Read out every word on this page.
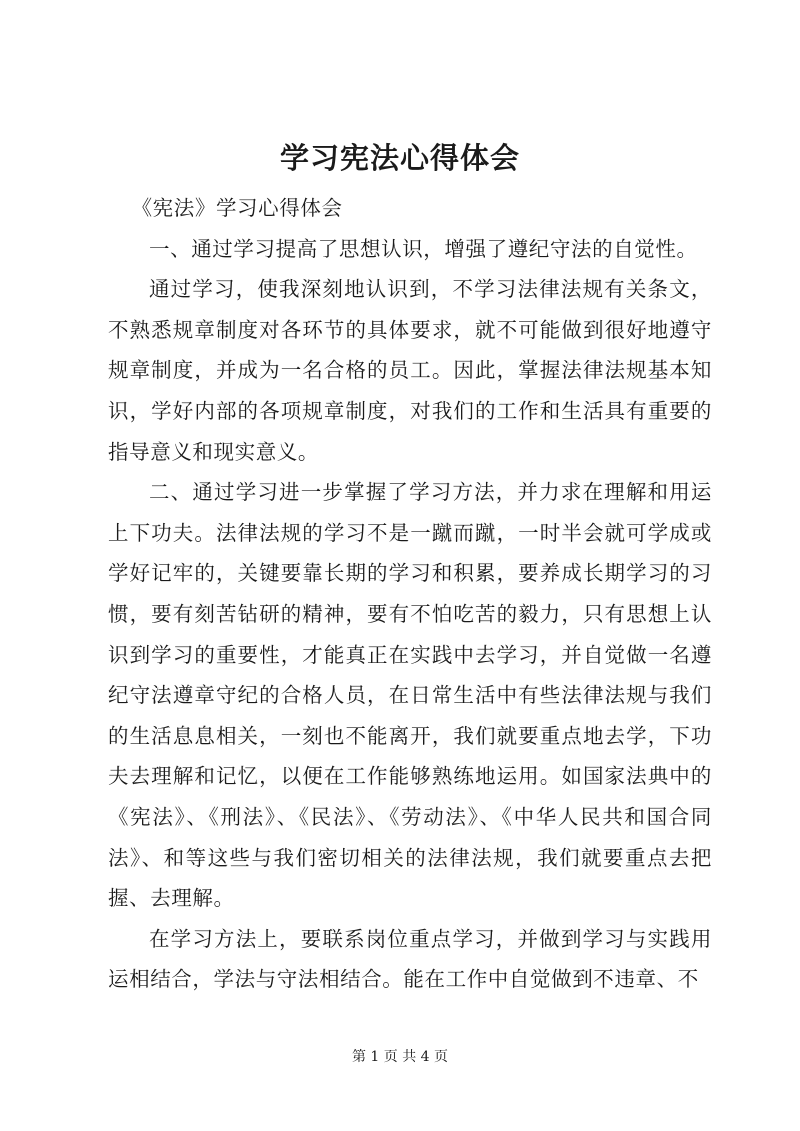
学习宪法心得体会

《宪法》学习心得体会

一、通过学习提高了思想认识，增强了遵纪守法的自觉性。

通过学习，使我深刻地认识到，不学习法律法规有关条文，不熟悉规章制度对各环节的具体要求，就不可能做到很好地遵守规章制度，并成为一名合格的员工。因此，掌握法律法规基本知识，学好内部的各项规章制度，对我们的工作和生活具有重要的指导意义和现实意义。

二、通过学习进一步掌握了学习方法，并力求在理解和用运上下功夫。法律法规的学习不是一蹴而蹴，一时半会就可学成或学好记牢的，关键要靠长期的学习和积累，要养成长期学习的习惯，要有刻苦钻研的精神，要有不怕吃苦的毅力，只有思想上认识到学习的重要性，才能真正在实践中去学习，并自觉做一名遵纪守法遵章守纪的合格人员，在日常生活中有些法律法规与我们的生活息息相关，一刻也不能离开，我们就要重点地去学，下功夫去理解和记忆，以便在工作能够熟练地运用。如国家法典中的《宪法》、《刑法》、《民法》、《劳动法》、《中华人民共和国合同法》、和等这些与我们密切相关的法律法规，我们就要重点去把握、去理解。

在学习方法上，要联系岗位重点学习，并做到学习与实践用运相结合，学法与守法相结合。能在工作中自觉做到不违章、不

第 1 页 共 4 页
